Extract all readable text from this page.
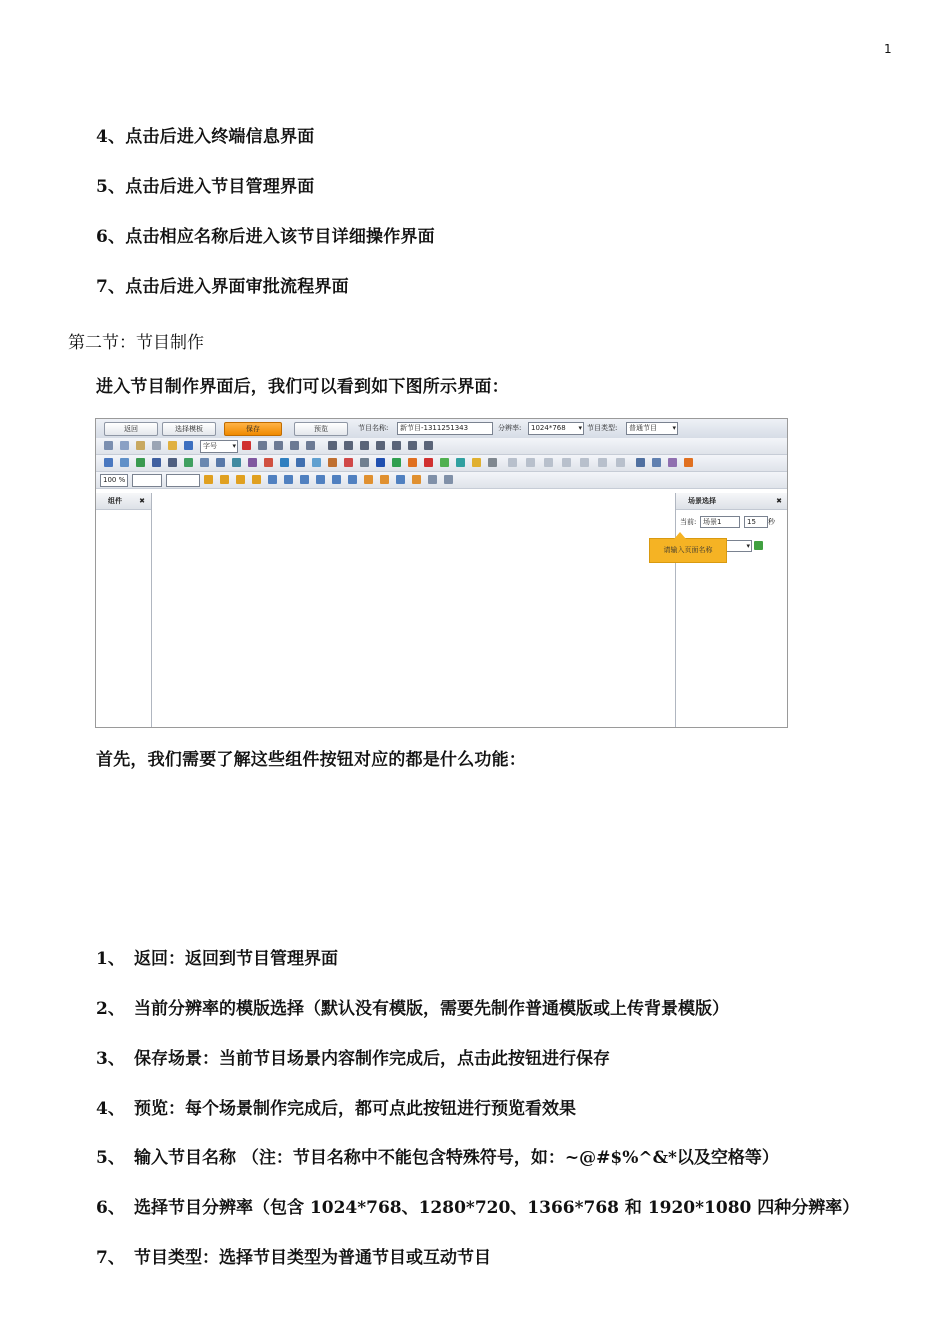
1
4、点击后进入终端信息界面
5、点击后进入节目管理界面
6、点击相应名称后进入该节目详细操作界面
7、点击后进入界面审批流程界面
第二节：节目制作
进入节目制作界面后，我们可以看到如下图所示界面：
返回	选择模板	保存	预览	节目名称:	新节目-1311251343	分辨率:	1024*768 ▾ 节目类型:	普通节目 ▾
字号 ▾
100 %
组件 ✖	场景选择	✖
当前: 场景1	15	秒
▾
请输入页面名称
首先，我们需要了解这些组件按钮对应的都是什么功能：
1、 返回：返回到节目管理界面
2、 当前分辨率的模版选择（默认没有模版，需要先制作普通模版或上传背景模版）
3、 保存场景：当前节目场景内容制作完成后，点击此按钮进行保存
4、 预览：每个场景制作完成后，都可点此按钮进行预览看效果
5、 输入节目名称 （注：节目名称中不能包含特殊符号，如：~@#$%^&*以及空格等）
6、 选择节目分辨率（包含 1024*768、1280*720、1366*768 和 1920*1080 四种分辨率）
7、 节目类型：选择节目类型为普通节目或互动节目
